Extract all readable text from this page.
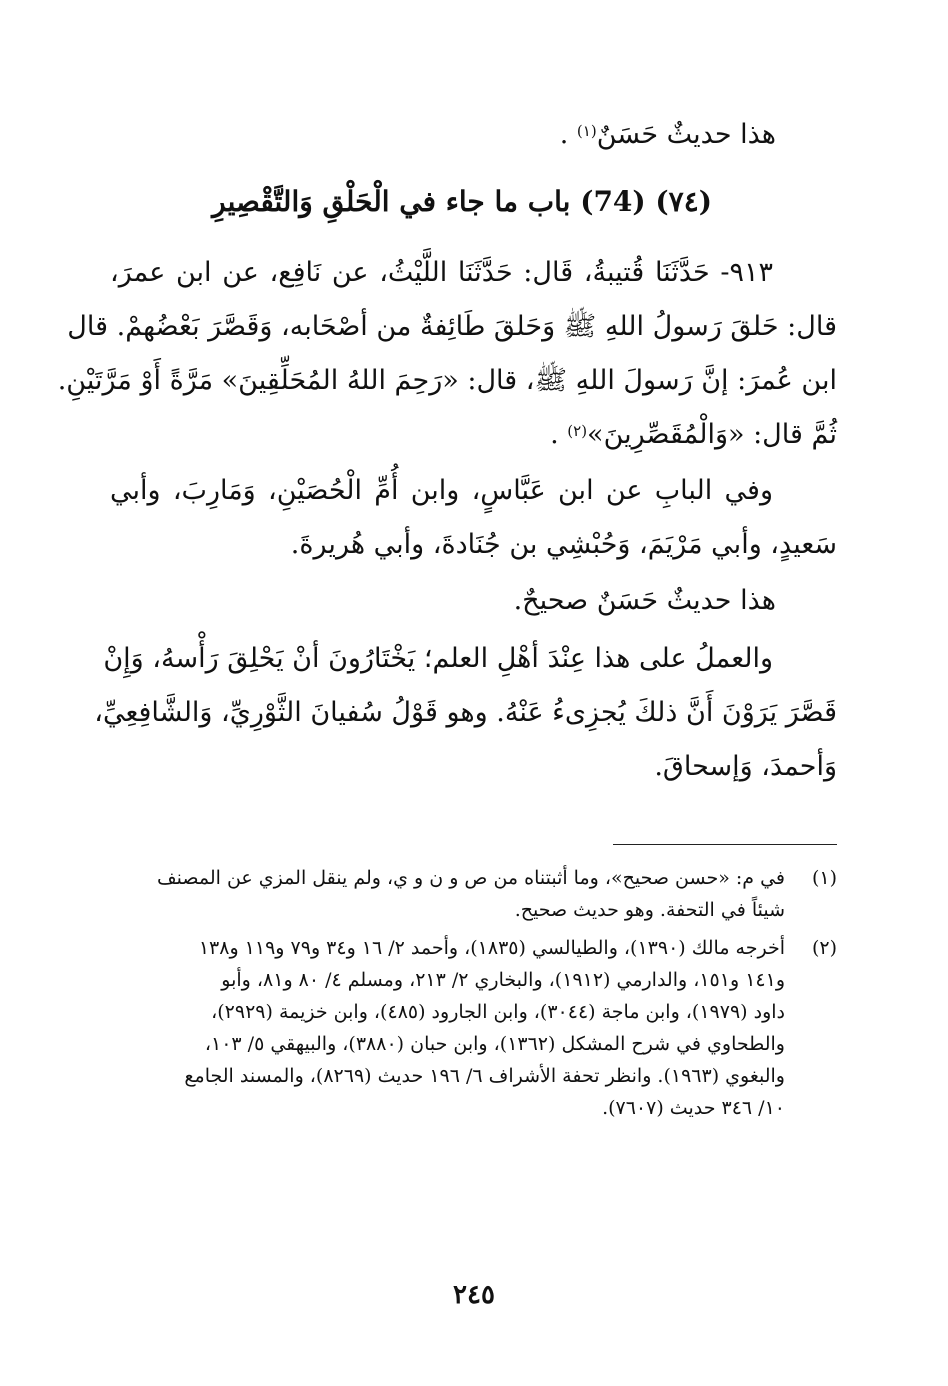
هذا حديثٌ حَسَنٌ$^{(١)}$ .
(٧٤) (74) باب ما جاء في الْحَلْقِ وَالتَّقْصِيرِ
٩١٣- حَدَّثَنَا قُتيبةُ، قَال: حَدَّثَنَا اللَّيْثُ، عن نَافِع، عن ابن عمرَ،
قال: حَلقَ رَسولُ اللهِ ﷺ وَحَلقَ طَائِفةٌ من أصْحَابه، وَقَصَّرَ بَعْضُهمْ. قال
ابن عُمرَ: إنَّ رَسولَ اللهِ ﷺ، قال: «رَحِمَ اللهُ المُحَلِّقِينَ» مَرَّةً أَوْ مَرَّتَيْنِ.
ثُمَّ قال: «وَالْمُقَصِّرِينَ»$^{(٢)}$ .
وفي البابِ عن ابن عَبَّاسٍ، وابن أُمِّ الْحُصَيْنِ، وَمَارِبَ، وأبي
سَعيدٍ، وأبي مَرْيَمَ، وَحُبْشِي بن جُنَادةَ، وأبي هُريرةَ.
هذا حديثٌ حَسَنٌ صحيحٌ.
والعملُ على هذا عِنْدَ أهْلِ العلم؛ يَخْتَارُونَ أنْ يَحْلِقَ رَأْسهُ، وَإِنْ
قَصَّرَ يَرَوْنَ أَنَّ ذلكَ يُجزِىءُ عَنْهُ. وهو قَوْلُ سُفيانَ الثَّوْرِيِّ، وَالشَّافِعِيِّ،
وَأحمدَ، وَإسحاقَ.
(١)
في م: «حسن صحيح»، وما أثبتناه من ص و ن و ي، ولم ينقل المزي عن المصنف
شيئاً في التحفة. وهو حديث صحيح.
(٢)
أخرجه مالك (١٣٩٠)، والطيالسي (١٨٣٥)، وأحمد ٢/ ١٦ و٣٤ و٧٩ و١١٩ و١٣٨
و١٤١ و١٥١، والدارمي (١٩١٢)، والبخاري ٢/ ٢١٣، ومسلم ٤/ ٨٠ و٨١، وأبو
داود (١٩٧٩)، وابن ماجة (٣٠٤٤)، وابن الجارود (٤٨٥)، وابن خزيمة (٢٩٢٩)،
والطحاوي في شرح المشكل (١٣٦٢)، وابن حبان (٣٨٨٠)، والبيهقي ٥/ ١٠٣،
والبغوي (١٩٦٣). وانظر تحفة الأشراف ٦/ ١٩٦ حديث (٨٢٦٩)، والمسند الجامع
١٠/ ٣٤٦ حديث (٧٦٠٧).
٢٤٥
